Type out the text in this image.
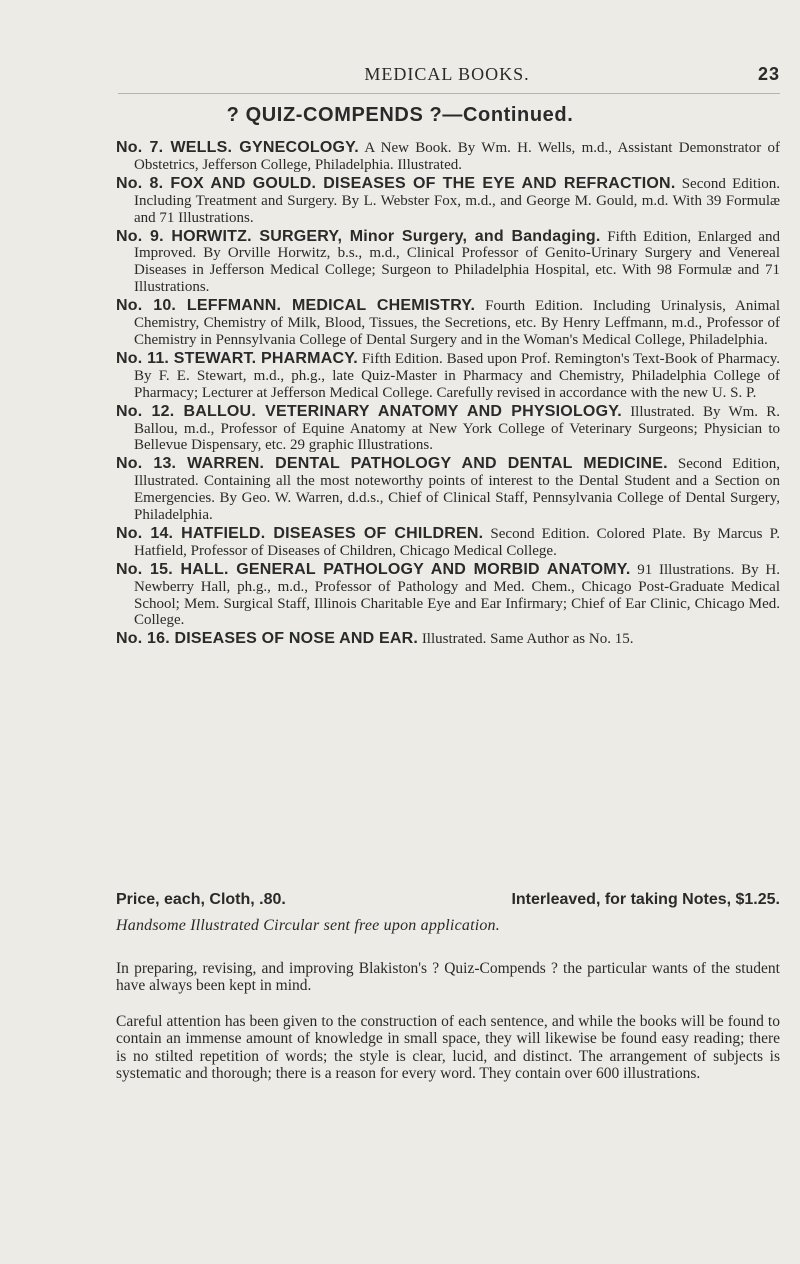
MEDICAL BOOKS.	23
? QUIZ-COMPENDS ?—Continued.

No. 7. WELLS. GYNECOLOGY. A New Book. By Wm. H. Wells, m.d., Assistant Demonstrator of Obstetrics, Jefferson College, Philadelphia. Illustrated.

No. 8. FOX AND GOULD. DISEASES OF THE EYE AND REFRACTION. Second Edition. Including Treatment and Surgery. By L. Webster Fox, m.d., and George M. Gould, m.d. With 39 Formulæ and 71 Illustrations.

No. 9. HORWITZ. SURGERY, Minor Surgery, and Bandaging. Fifth Edition, Enlarged and Improved. By Orville Horwitz, b.s., m.d., Clinical Professor of Genito-Urinary Surgery and Venereal Diseases in Jefferson Medical College; Surgeon to Philadelphia Hospital, etc. With 98 Formulæ and 71 Illustrations.

No. 10. LEFFMANN. MEDICAL CHEMISTRY. Fourth Edition. Including Urinalysis, Animal Chemistry, Chemistry of Milk, Blood, Tissues, the Secretions, etc. By Henry Leffmann, m.d., Professor of Chemistry in Pennsylvania College of Dental Surgery and in the Woman's Medical College, Philadelphia.

No. 11. STEWART. PHARMACY. Fifth Edition. Based upon Prof. Remington's Text-Book of Pharmacy. By F. E. Stewart, m.d., ph.g., late Quiz-Master in Pharmacy and Chemistry, Philadelphia College of Pharmacy; Lecturer at Jefferson Medical College. Carefully revised in accordance with the new U. S. P.

No. 12. BALLOU. VETERINARY ANATOMY AND PHYSIOLOGY. Illustrated. By Wm. R. Ballou, m.d., Professor of Equine Anatomy at New York College of Veterinary Surgeons; Physician to Bellevue Dispensary, etc. 29 graphic Illustrations.

No. 13. WARREN. DENTAL PATHOLOGY AND DENTAL MEDICINE. Second Edition, Illustrated. Containing all the most noteworthy points of interest to the Dental Student and a Section on Emergencies. By Geo. W. Warren, d.d.s., Chief of Clinical Staff, Pennsylvania College of Dental Surgery, Philadelphia.

No. 14. HATFIELD. DISEASES OF CHILDREN. Second Edition. Colored Plate. By Marcus P. Hatfield, Professor of Diseases of Children, Chicago Medical College.

No. 15. HALL. GENERAL PATHOLOGY AND MORBID ANATOMY. 91 Illustrations. By H. Newberry Hall, ph.g., m.d., Professor of Pathology and Med. Chem., Chicago Post-Graduate Medical School; Mem. Surgical Staff, Illinois Charitable Eye and Ear Infirmary; Chief of Ear Clinic, Chicago Med. College.

No. 16. DISEASES OF NOSE AND EAR. Illustrated. Same Author as No. 15.

Price, each, Cloth, .80.	Interleaved, for taking Notes, $1.25.
Handsome Illustrated Circular sent free upon application.

In preparing, revising, and improving Blakiston's ? Quiz-Compends ? the particular wants of the student have always been kept in mind.

Careful attention has been given to the construction of each sentence, and while the books will be found to contain an immense amount of knowledge in small space, they will likewise be found easy reading; there is no stilted repetition of words; the style is clear, lucid, and distinct. The arrangement of subjects is systematic and thorough; there is a reason for every word. They contain over 600 illustrations.
